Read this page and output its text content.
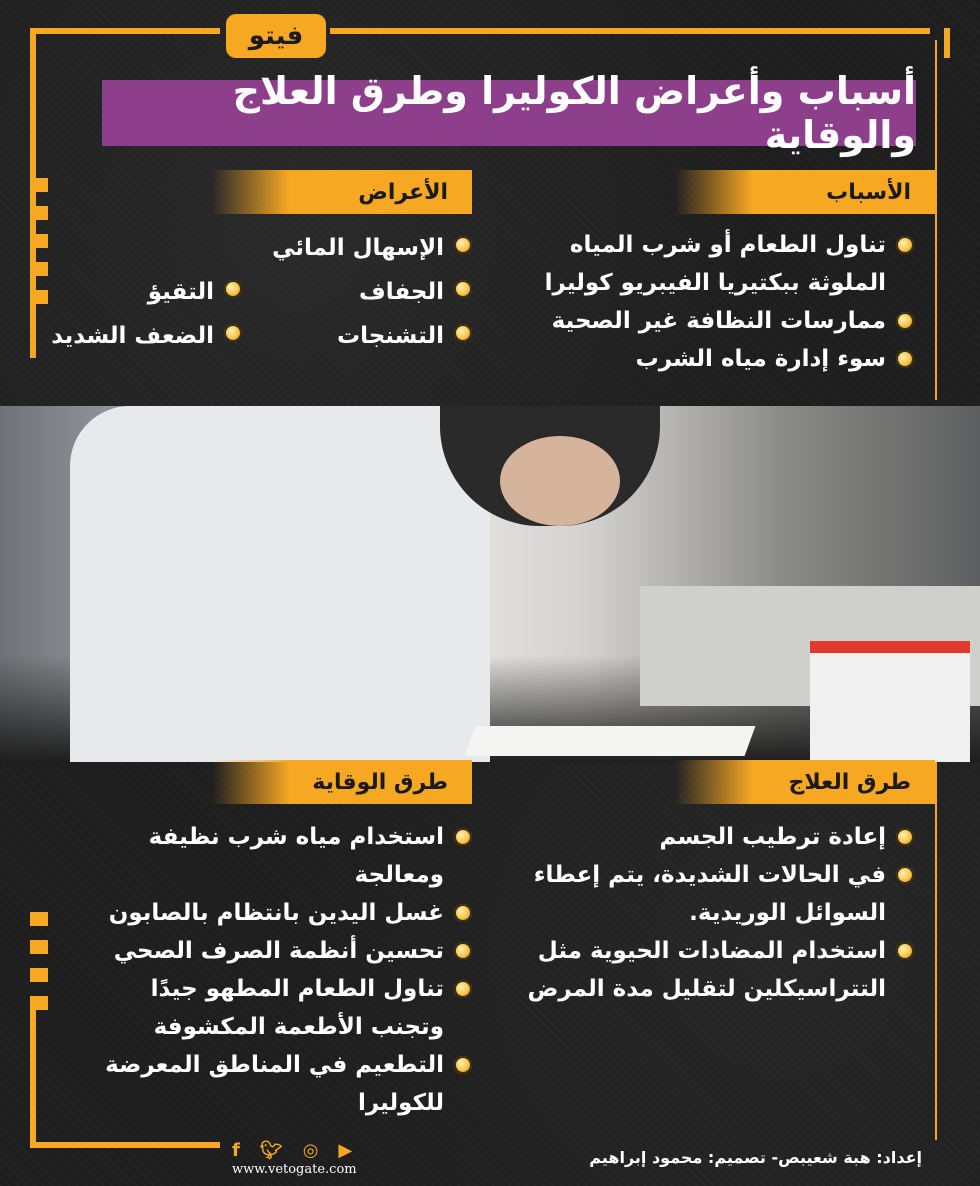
فيتو
أسباب وأعراض الكوليرا وطرق العلاج والوقاية
الأسباب
تناول الطعام أو شرب المياه
الملوثة ببكتيريا الفيبريو كوليرا
ممارسات النظافة غير الصحية
سوء إدارة مياه الشرب
الأعراض
الإسهال المائي
الجفاف
التقيؤ
التشنجات
الضعف الشديد
طرق العلاج
إعادة ترطيب الجسم
في الحالات الشديدة، يتم إعطاء
السوائل الوريدية.
استخدام المضادات الحيوية مثل
التتراسيكلين لتقليل مدة المرض
طرق الوقاية
استخدام مياه شرب نظيفة
ومعالجة
غسل اليدين بانتظام بالصابون
تحسين أنظمة الصرف الصحي
تناول الطعام المطهو جيدًا
وتجنب الأطعمة المكشوفة
التطعيم في المناطق المعرضة
للكوليرا
إعداد: هبة شعيبص- تصميم: محمود إبراهيم
f 🐦︎ ◎ ▶
www.vetogate.com
